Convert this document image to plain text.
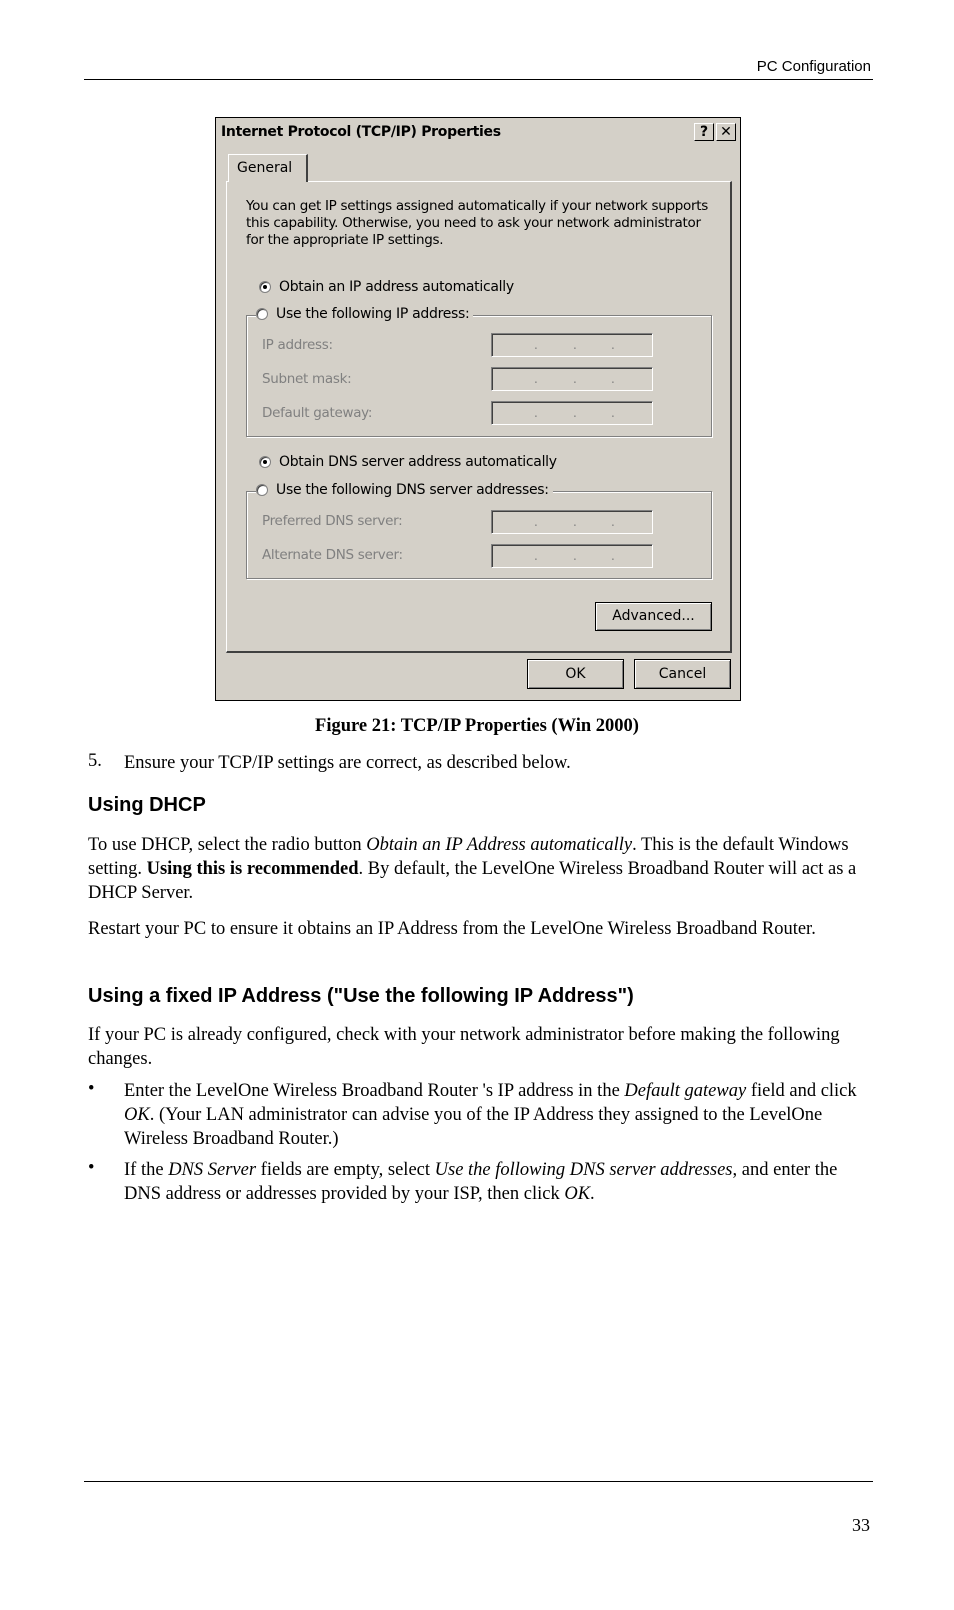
PC Configuration
Internet Protocol (TCP/IP) Properties	? ✕
General
You can get IP settings assigned automatically if your network supports this capability. Otherwise, you need to ask your network administrator for the appropriate IP settings.
Obtain an IP address automatically
Use the following IP address:
IP address:	.	.	.
Subnet mask:	.	.	.
Default gateway:	.	.	.
Obtain DNS server address automatically
Use the following DNS server addresses:
Preferred DNS server:	.	.	.
Alternate DNS server:	.	.	.
Advanced...
OK	Cancel
Figure 21: TCP/IP Properties (Win 2000)
5. Ensure your TCP/IP settings are correct, as described below.
Using DHCP
To use DHCP, select the radio button Obtain an IP Address automatically. This is the default Windows setting. Using this is recommended. By default, the LevelOne Wireless Broadband Router will act as a DHCP Server.
Restart your PC to ensure it obtains an IP Address from the LevelOne Wireless Broadband Router.
Using a fixed IP Address ("Use the following IP Address")
If your PC is already configured, check with your network administrator before making the following changes.
• Enter the LevelOne Wireless Broadband Router 's IP address in the Default gateway field and click OK. (Your LAN administrator can advise you of the IP Address they assigned to the LevelOne Wireless Broadband Router.)
• If the DNS Server fields are empty, select Use the following DNS server addresses, and enter the DNS address or addresses provided by your ISP, then click OK.
33
